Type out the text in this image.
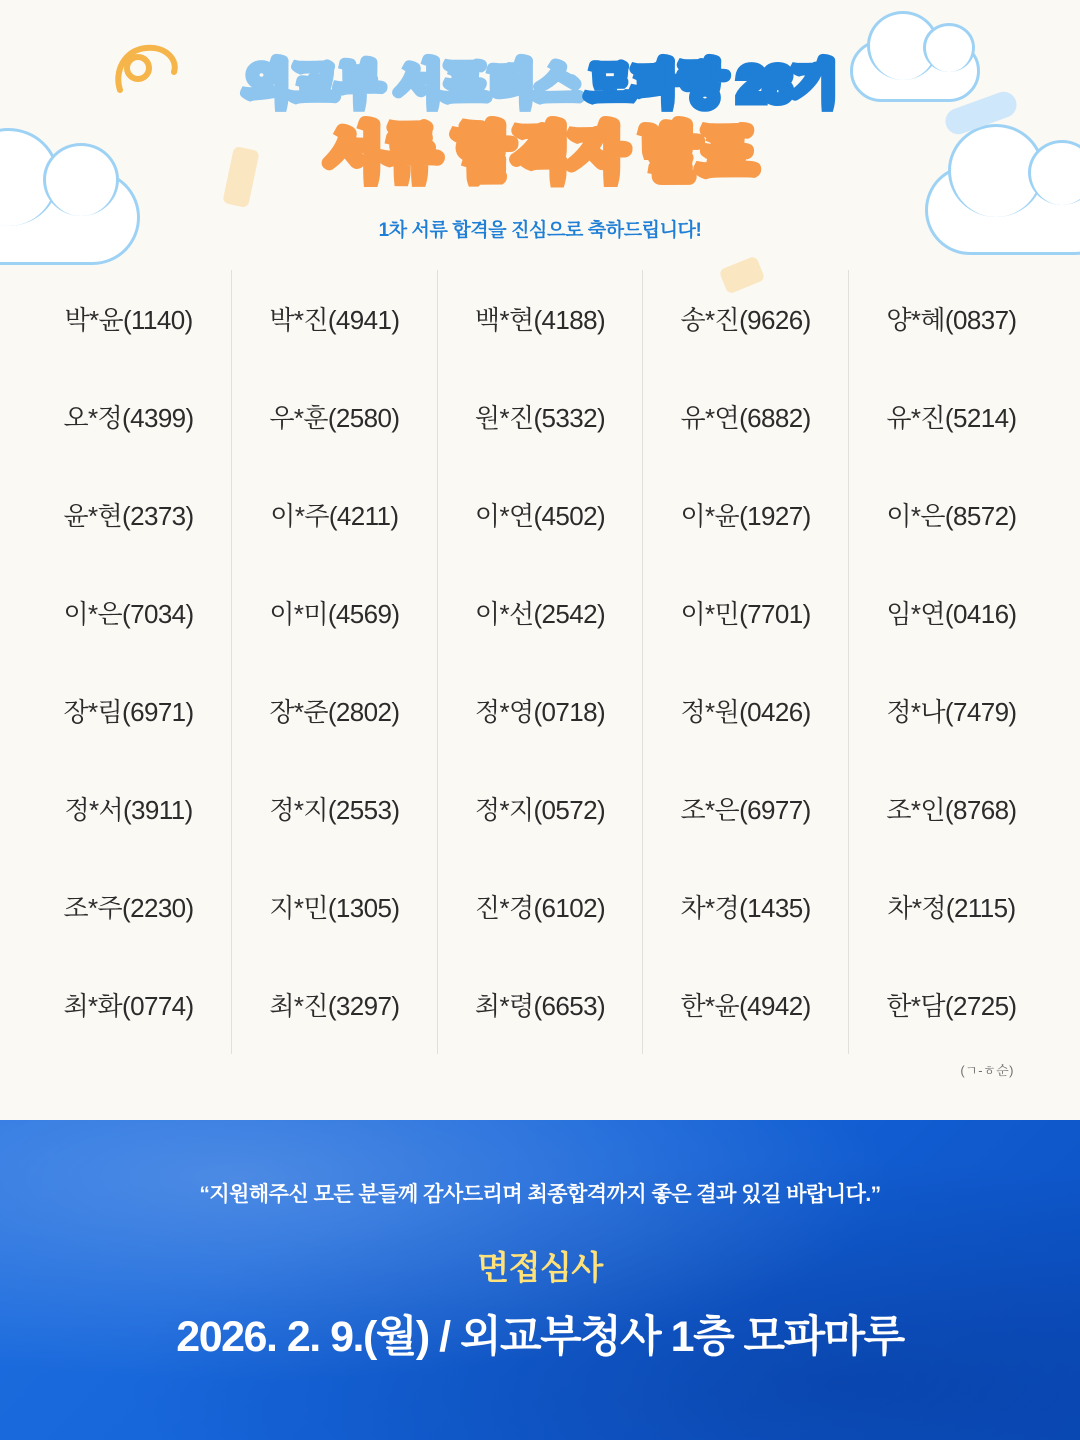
외교부 서포터스 모파랑 28기
서류 합격자 발표
1차 서류 합격을 진심으로 축하드립니다!
박*윤(1140)	박*진(4941)	백*현(4188)	송*진(9626)	양*혜(0837)
오*정(4399)	우*훈(2580)	원*진(5332)	유*연(6882)	유*진(5214)
윤*현(2373)	이*주(4211)	이*연(4502)	이*윤(1927)	이*은(8572)
이*은(7034)	이*미(4569)	이*선(2542)	이*민(7701)	임*연(0416)
장*림(6971)	장*준(2802)	정*영(0718)	정*원(0426)	정*나(7479)
정*서(3911)	정*지(2553)	정*지(0572)	조*은(6977)	조*인(8768)
조*주(2230)	지*민(1305)	진*경(6102)	차*경(1435)	차*정(2115)
최*화(0774)	최*진(3297)	최*령(6653)	한*윤(4942)	한*담(2725)
(ㄱ-ㅎ순)
“지원해주신 모든 분들께 감사드리며 최종합격까지 좋은 결과 있길 바랍니다.”
면접심사
2026. 2. 9.(월) / 외교부청사 1층 모파마루
